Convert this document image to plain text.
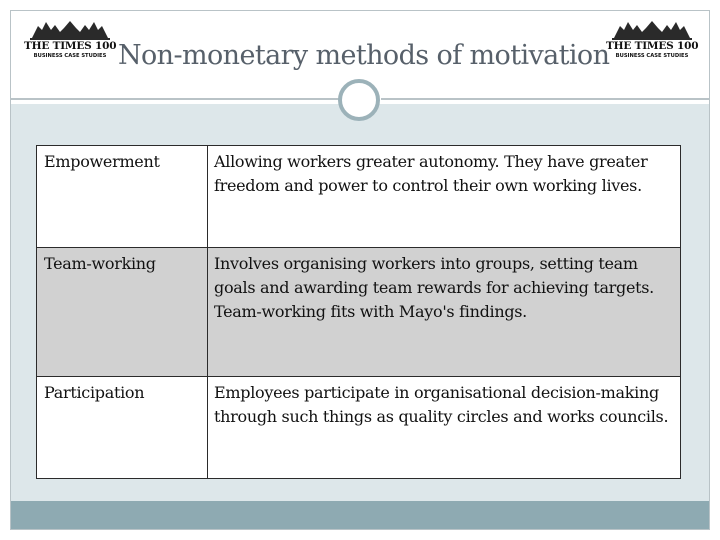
THE TIMES 100
BUSINESS CASE STUDIES
THE TIMES 100
BUSINESS CASE STUDIES
Non-monetary methods of motivation
Empowerment	Allowing workers greater autonomy. They have greater freedom and power to control their own working lives.
Team-working	Involves organising workers into groups, setting team goals and awarding team rewards for achieving targets. Team-working fits with Mayo's findings.
Participation	Employees participate in organisational decision-making through such things as quality circles and works councils.
